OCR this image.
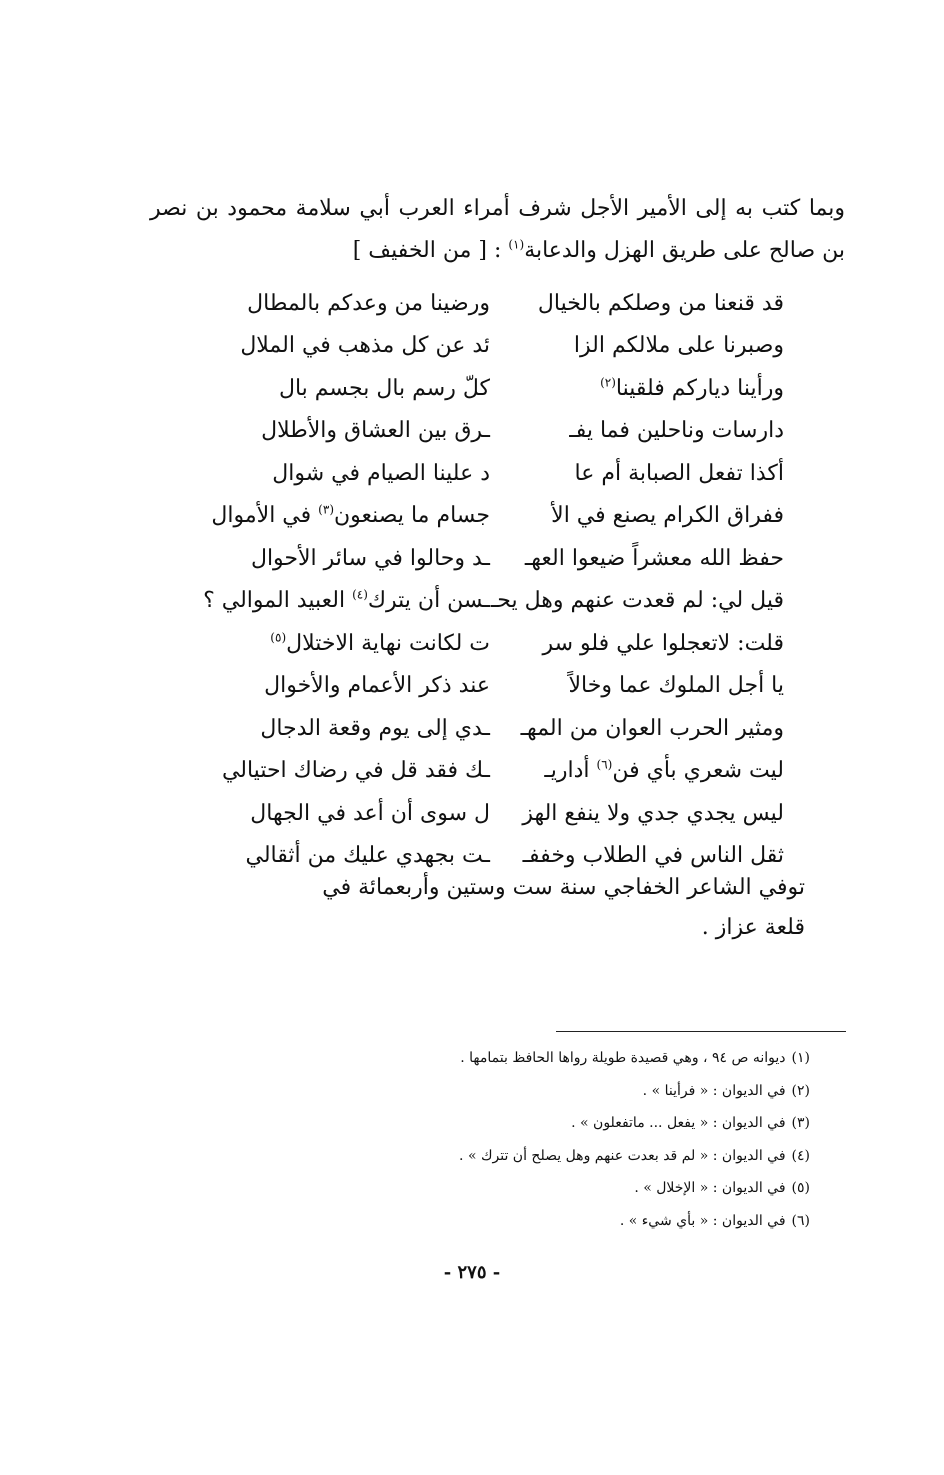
وبما كتب به إلى الأمير الأجل شرف أمراء العرب أبي سلامة محمود بن نصر بن صالح على طريق الهزل والدعابة$^{(١)}$ : [ من الخفيف ]
قد قنعنا من وصلكم بالخيال
ورضينا من وعدكم بالمطال
وصبرنا على ملالكم الزا
ئد عن كل مذهب في الملال
ورأينا ديارکم فلقينا$^{(٢)}$
كلّ رسم بال بجسم بال
دارسات وناحلين فما يفـ
ـرق بين العشاق والأطلال
أكذا تفعل الصبابة أم عا
د علينا الصيام في شوال
ففراق الكرام يصنع في الأ
جسام ما يصنعون$^{(٣)}$ في الأموال
حفظ الله معشراً ضيعوا العهـ
ـد وحالوا في سائر الأحوال
قيل لي: لم قعدت عنهم وهل يحـ
ـسن أن يترك$^{(٤)}$ العبيد الموالي ؟
قلت: لاتعجلوا علي فلو سر
ت لكانت نهاية الاختلال$^{(٥)}$
يا أجل الملوك عما وخالاً
عند ذكر الأعمام والأخوال
ومثير الحرب العوان من المهـ
ـدي إلى يوم وقعة الدجال
ليت شعري بأي فن$^{(٦)}$ أداريـ
ـك فقد قل في رضاك احتيالي
ليس يجدي جدي ولا ينفع الهز
ل سوى أن أعد في الجهال
ثقل الناس في الطلاب وخففـ
ـت بجهدي عليك من أثقالي
توفي الشاعر الخفاجي سنة ست وستين وأربعمائة في قلعة عزاز .
(١)ديوانه ص ٩٤ ، وهي قصيدة طويلة رواها الحافظ بتمامها .
(٢)في الديوان : « فرأينا » .
(٣)في الديوان : « يفعل ... ماتفعلون » .
(٤)في الديوان : « لم قد بعدت عنهم وهل يصلح أن تترك » .
(٥)في الديوان : « الإخلال » .
(٦)في الديوان : « بأي شيء » .
- ٢٧٥ -
